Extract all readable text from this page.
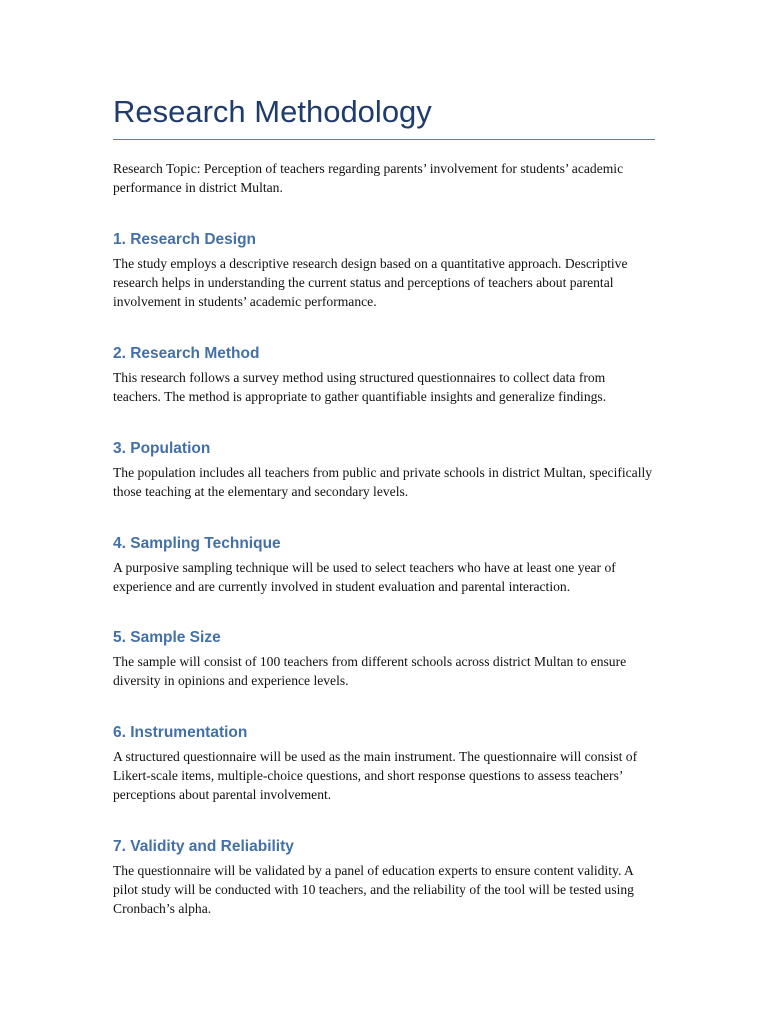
Research Methodology

Research Topic: Perception of teachers regarding parents’ involvement for students’ academic performance in district Multan.

1. Research Design

The study employs a descriptive research design based on a quantitative approach. Descriptive research helps in understanding the current status and perceptions of teachers about parental involvement in students’ academic performance.

2. Research Method

This research follows a survey method using structured questionnaires to collect data from teachers. The method is appropriate to gather quantifiable insights and generalize findings.

3. Population

The population includes all teachers from public and private schools in district Multan, specifically those teaching at the elementary and secondary levels.

4. Sampling Technique

A purposive sampling technique will be used to select teachers who have at least one year of experience and are currently involved in student evaluation and parental interaction.

5. Sample Size

The sample will consist of 100 teachers from different schools across district Multan to ensure diversity in opinions and experience levels.

6. Instrumentation

A structured questionnaire will be used as the main instrument. The questionnaire will consist of Likert-scale items, multiple-choice questions, and short response questions to assess teachers’ perceptions about parental involvement.

7. Validity and Reliability

The questionnaire will be validated by a panel of education experts to ensure content validity. A pilot study will be conducted with 10 teachers, and the reliability of the tool will be tested using Cronbach’s alpha.
